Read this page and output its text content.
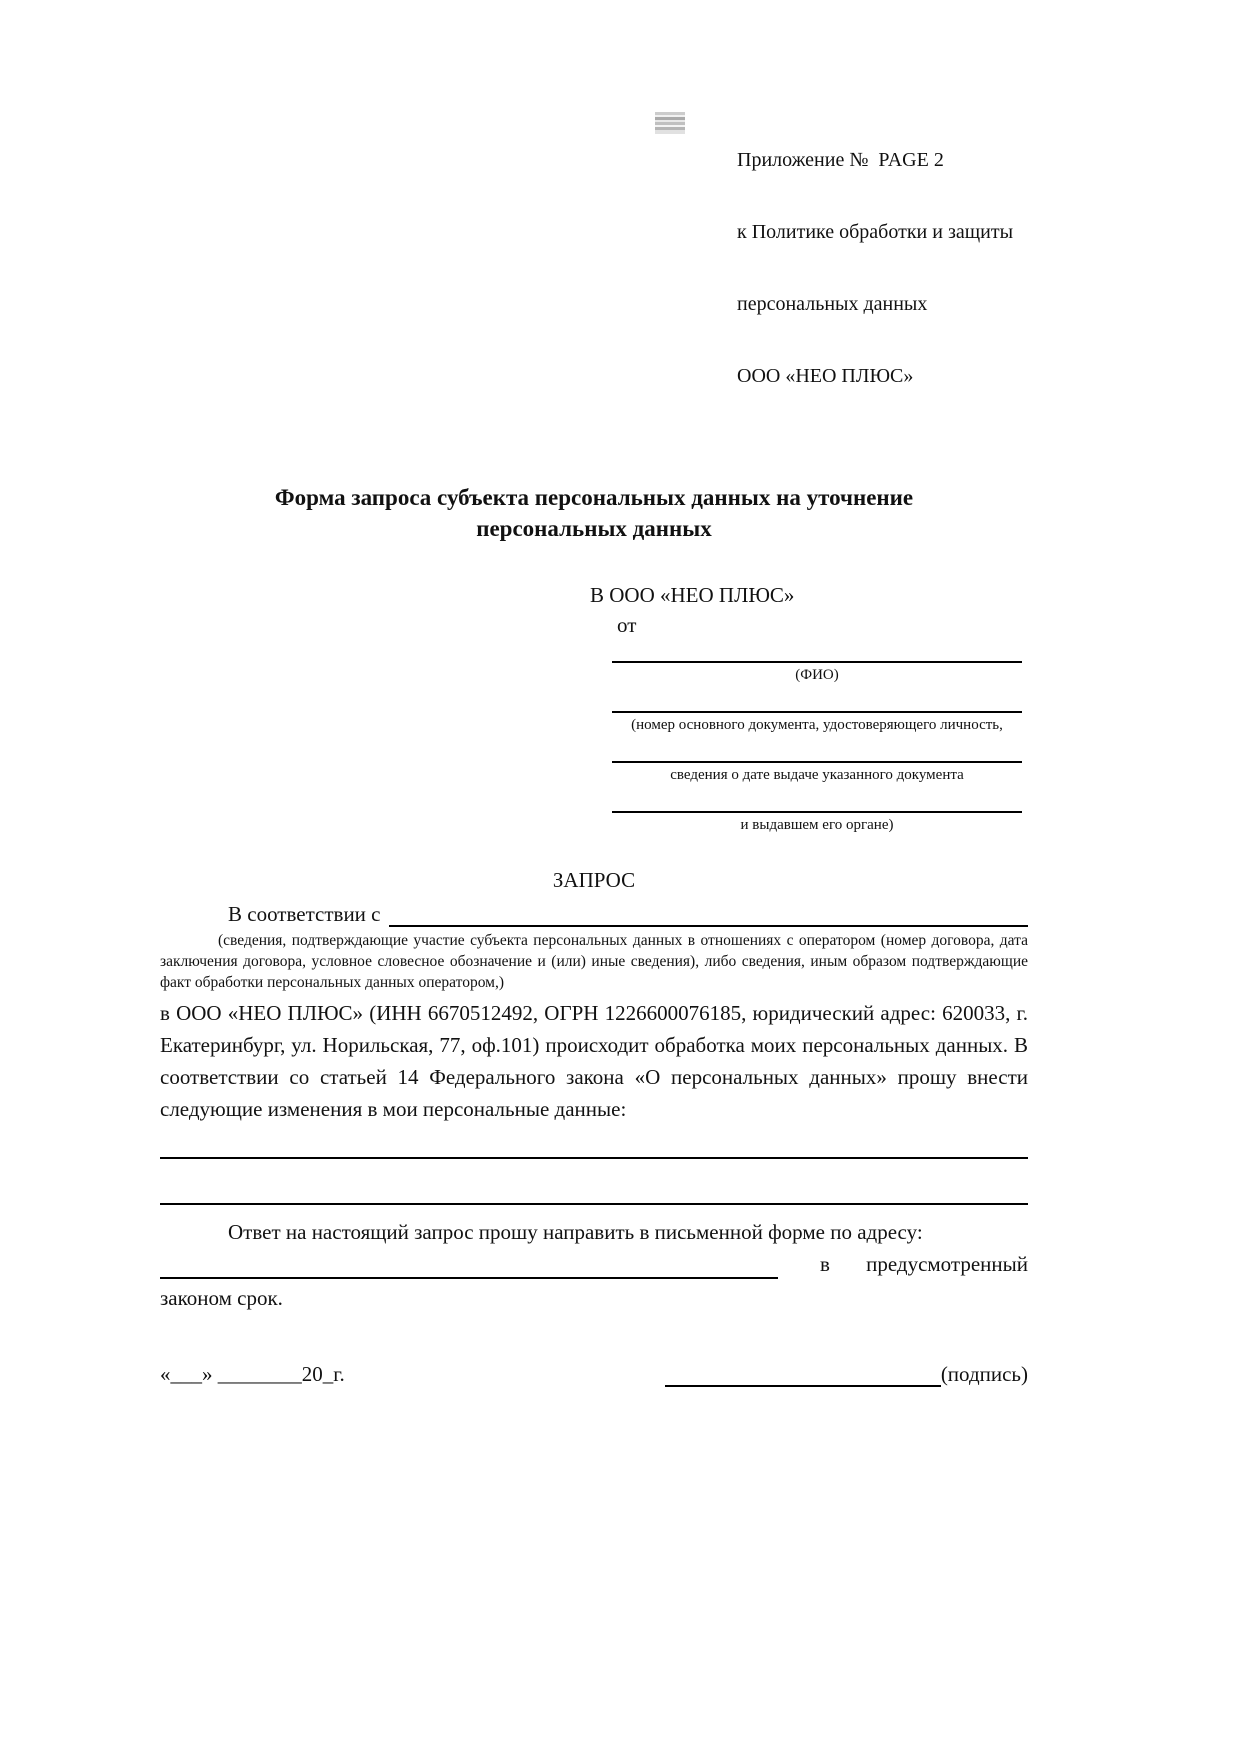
Приложение №  PAGE 2

к Политике обработки и защиты

персональных данных

ООО «НЕО ПЛЮС»

Форма запроса субъекта персональных данных на уточнение персональных данных
В ООО «НЕО ПЛЮС»
от
(ФИО)
(номер основного документа, удостоверяющего личность,
сведения о дате выдаче указанного документа
и выдавшем его органе)
ЗАПРОС
В соответствии с
(сведения, подтверждающие участие субъекта персональных данных в отношениях с оператором (номер договора, дата заключения договора, условное словесное обозначение и (или) иные сведения), либо сведения, иным образом подтверждающие факт обработки персональных данных оператором,)
в ООО «НЕО ПЛЮС» (ИНН 6670512492, ОГРН 1226600076185, юридический адрес: 620033, г. Екатеринбург, ул. Норильская, 77, оф.101) происходит обработка моих персональных данных. В соответствии со статьей 14 Федерального закона «О персональных данных» прошу внести следующие изменения в мои персональные данные:
Ответ на настоящий запрос прошу направить в письменной форме по адресу:
в предусмотренный
законом срок.
«___» ________20_г.	(подпись)
